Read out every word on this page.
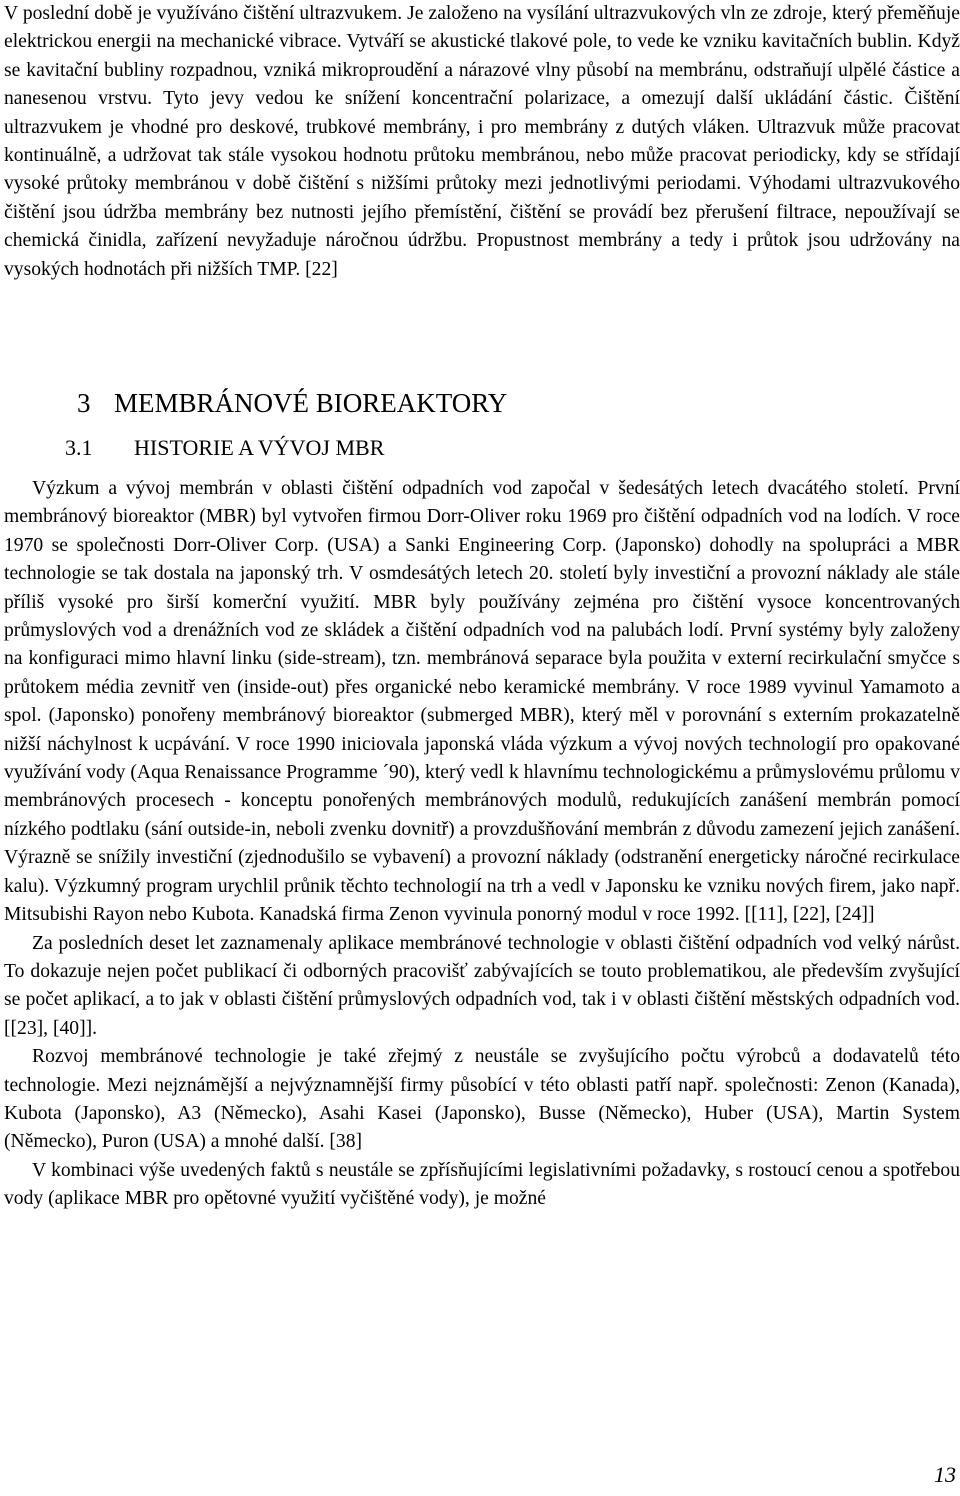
V poslední době je využíváno čištění ultrazvukem. Je založeno na vysílání ultrazvukových vln ze zdroje, který přeměňuje elektrickou energii na mechanické vibrace. Vytváří se akustické tlakové pole, to vede ke vzniku kavitačních bublin. Když se kavitační bubliny rozpadnou, vzniká mikroproudění a nárazové vlny působí na membránu, odstraňují ulpělé částice a nanesenou vrstvu. Tyto jevy vedou ke snížení koncentrační polarizace, a omezují další ukládání částic. Čištění ultrazvukem je vhodné pro deskové, trubkové membrány, i pro membrány z dutých vláken. Ultrazvuk může pracovat kontinuálně, a udržovat tak stále vysokou hodnotu průtoku membránou, nebo může pracovat periodicky, kdy se střídají vysoké průtoky membránou v době čištění s nižšími průtoky mezi jednotlivými periodami. Výhodami ultrazvukového čištění jsou údržba membrány bez nutnosti jejího přemístění, čištění se provádí bez přerušení filtrace, nepoužívají se chemická činidla, zařízení nevyžaduje náročnou údržbu. Propustnost membrány a tedy i průtok jsou udržovány na vysokých hodnotách při nižších TMP. [22]

3 MEMBRÁNOVÉ BIOREAKTORY
3.1 HISTORIE A VÝVOJ MBR

Výzkum a vývoj membrán v oblasti čištění odpadních vod započal v šedesátých letech dvacátého století. První membránový bioreaktor (MBR) byl vytvořen firmou Dorr-Oliver roku 1969 pro čištění odpadních vod na lodích. V roce 1970 se společnosti Dorr-Oliver Corp. (USA) a Sanki Engineering Corp. (Japonsko) dohodly na spolupráci a MBR technologie se tak dostala na japonský trh. V osmdesátých letech 20. století byly investiční a provozní náklady ale stále příliš vysoké pro širší komerční využití. MBR byly používány zejména pro čištění vysoce koncentrovaných průmyslových vod a drenážních vod ze skládek a čištění odpadních vod na palubách lodí. První systémy byly založeny na konfiguraci mimo hlavní linku (side-stream), tzn. membránová separace byla použita v externí recirkulační smyčce s průtokem média zevnitř ven (inside-out) přes organické nebo keramické membrány. V roce 1989 vyvinul Yamamoto a spol. (Japonsko) ponořeny membránový bioreaktor (submerged MBR), který měl v porovnání s externím prokazatelně nižší náchylnost k ucpávání. V roce 1990 iniciovala japonská vláda výzkum a vývoj nových technologií pro opakované využívání vody (Aqua Renaissance Programme ´90), který vedl k hlavnímu technologickému a průmyslovému průlomu v membránových procesech - konceptu ponořených membránových modulů, redukujících zanášení membrán pomocí nízkého podtlaku (sání outside-in, neboli zvenku dovnitř) a provzdušňování membrán z důvodu zamezení jejich zanášení. Výrazně se snížily investiční (zjednodušilo se vybavení) a provozní náklady (odstranění energeticky náročné recirkulace kalu). Výzkumný program urychlil průnik těchto technologií na trh a vedl v Japonsku ke vzniku nových firem, jako např. Mitsubishi Rayon nebo Kubota. Kanadská firma Zenon vyvinula ponorný modul v roce 1992. [[11], [22], [24]]

Za posledních deset let zaznamenaly aplikace membránové technologie v oblasti čištění odpadních vod velký nárůst. To dokazuje nejen počet publikací či odborných pracovišť zabývajících se touto problematikou, ale především zvyšující se počet aplikací, a to jak v oblasti čištění průmyslových odpadních vod, tak i v oblasti čištění městských odpadních vod. [[23], [40]].

Rozvoj membránové technologie je také zřejmý z neustále se zvyšujícího počtu výrobců a dodavatelů této technologie. Mezi nejznámější a nejvýznamnější firmy působící v této oblasti patří např. společnosti: Zenon (Kanada), Kubota (Japonsko), A3 (Německo), Asahi Kasei (Japonsko), Busse (Německo), Huber (USA), Martin System (Německo), Puron (USA) a mnohé další. [38]

V kombinaci výše uvedených faktů s neustále se zpřísňujícími legislativními požadavky, s rostoucí cenou a spotřebou vody (aplikace MBR pro opětovné využití vyčištěné vody), je možné

13
